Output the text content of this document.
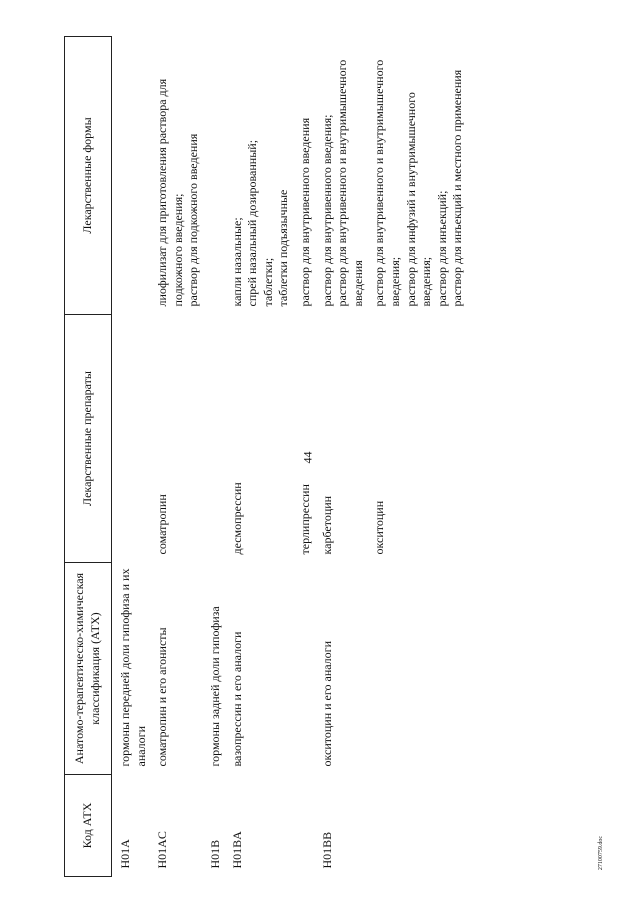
44
27100759.doc
Код АТХ	Анатомо-терапевтическо-химическая классификация (АТХ)	Лекарственные препараты	Лекарственные формы
H01A	гормоны передней доли гипофиза и их аналоги		
H01AC	соматропин и его агонисты	соматропин	лиофилизат для приготовления раствора для подкожного введения; раствор для подкожного введения

H01B	гормоны задней доли гипофиза		
H01BA	вазопрессин и его аналоги	десмопрессин	капли назальные; спрей назальный дозированный; таблетки; таблетки подъязычные

		терлипрессин	раствор для внутривенного введения

H01BB	окситоцин и его аналоги	карбетоцин	раствор для внутривенного введения; раствор для внутривенного и внутримышечного введения

		окситоцин	раствор для внутривенного и внутримышечного введения; раствор для инфузий и внутримышечного введения; раствор для инъекций; раствор для инъекций и местного применения
